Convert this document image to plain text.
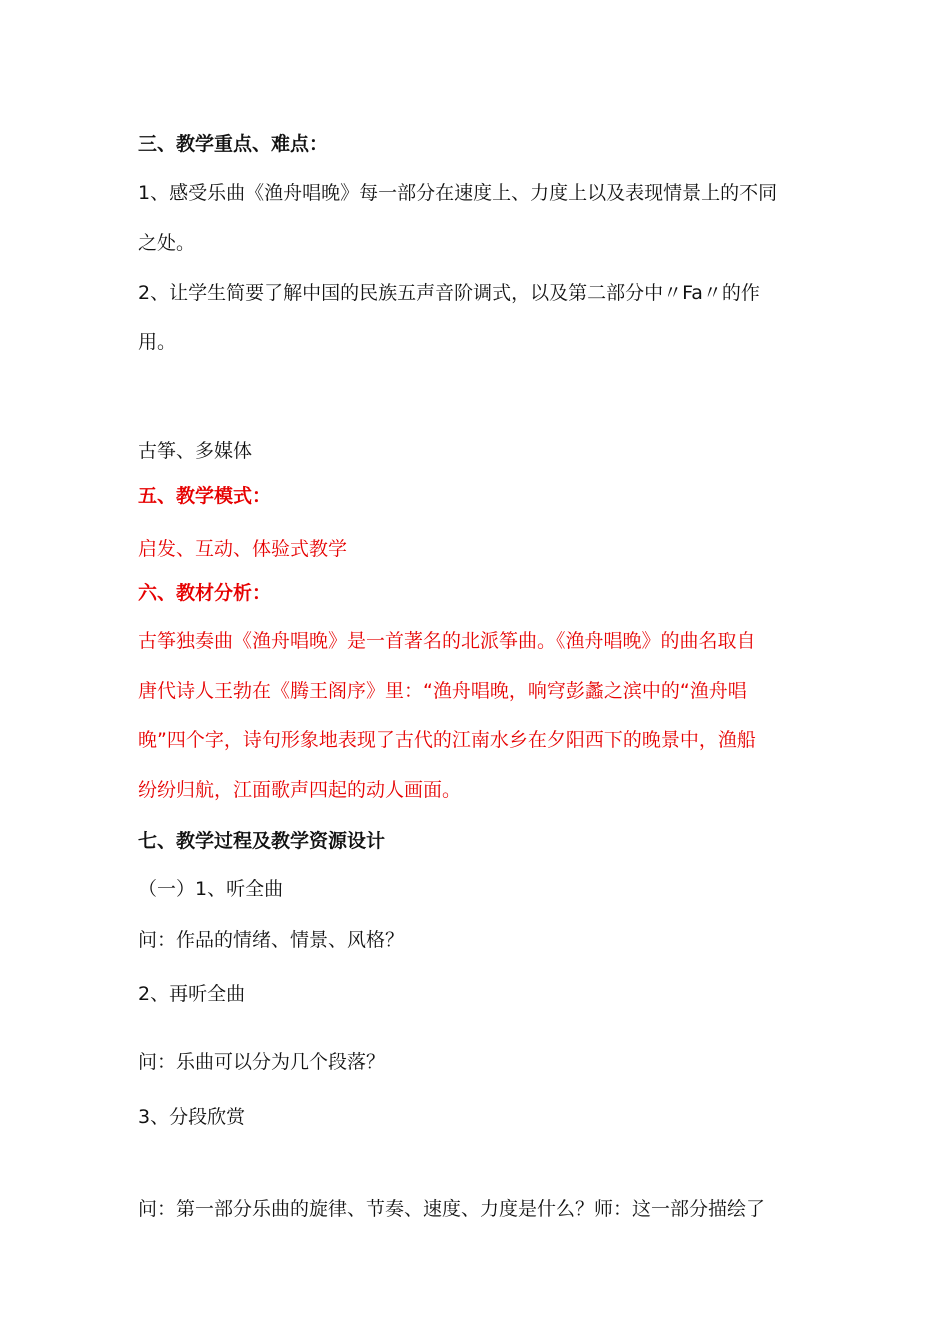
三、教学重点、难点：
1、感受乐曲《渔舟唱晚》每一部分在速度上、力度上以及表现情景上的不同
之处。
2、让学生简要了解中国的民族五声音阶调式，以及第二部分中〃Fa〃的作
用。
古筝、多媒体
五、教学模式：
启发、互动、体验式教学
六、教材分析：
古筝独奏曲《渔舟唱晚》是一首著名的北派筝曲。《渔舟唱晚》的曲名取自
唐代诗人王勃在《腾王阁序》里：“渔舟唱晚，响穹彭蠡之滨中的“渔舟唱
晚”四个字，诗句形象地表现了古代的江南水乡在夕阳西下的晚景中，渔船
纷纷归航，江面歌声四起的动人画面。
七、教学过程及教学资源设计
（一）1、听全曲
问：作品的情绪、情景、风格？
2、再听全曲
问：乐曲可以分为几个段落？
3、分段欣赏
问：第一部分乐曲的旋律、节奏、速度、力度是什么？师：这一部分描绘了
